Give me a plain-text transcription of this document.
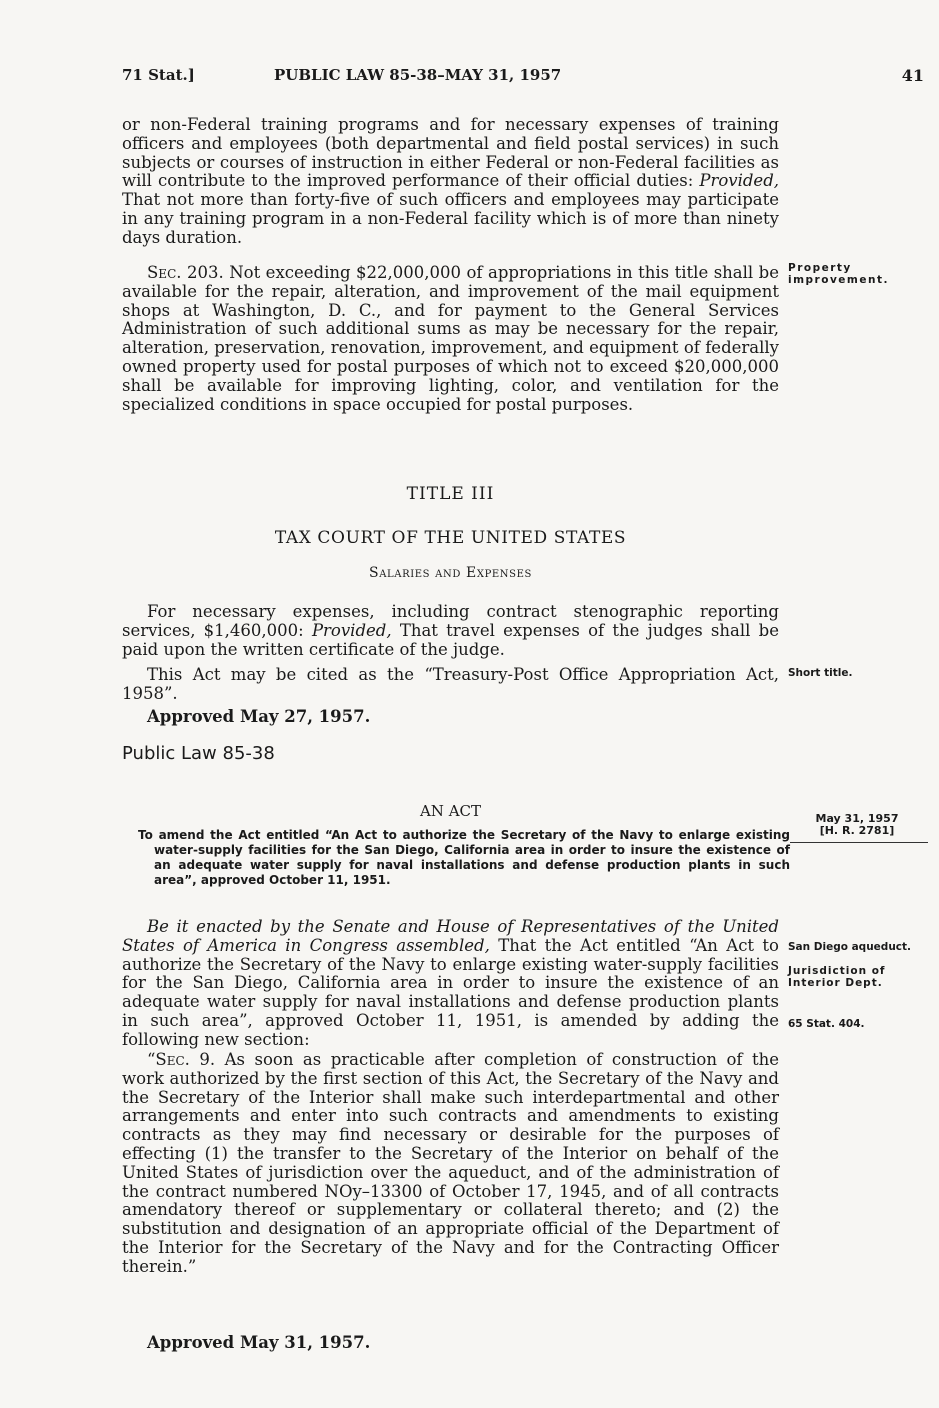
71 Stat.]	PUBLIC LAW 85-38–MAY 31, 1957	41

or non-Federal training programs and for necessary expenses of training officers and employees (both departmental and field postal services) in such subjects or courses of instruction in either Federal or non-Federal facilities as will contribute to the improved performance of their official duties: Provided, That not more than forty-five of such officers and employees may participate in any training program in a non-Federal facility which is of more than ninety days duration.

Sec. 203. Not exceeding $22,000,000 of appropriations in this title shall be available for the repair, alteration, and improvement of the mail equipment shops at Washington, D. C., and for payment to the General Services Administration of such additional sums as may be necessary for the repair, alteration, preservation, renovation, improvement, and equipment of federally owned property used for postal purposes of which not to exceed $20,000,000 shall be available for improving lighting, color, and ventilation for the specialized conditions in space occupied for postal purposes.

TITLE III
TAX COURT OF THE UNITED STATES
Salaries and Expenses

For necessary expenses, including contract stenographic reporting services, $1,460,000: Provided, That travel expenses of the judges shall be paid upon the written certificate of the judge.

This Act may be cited as the “Treasury-Post Office Appropriation Act, 1958”.

Approved May 27, 1957.
Public Law 85-38
AN ACT

To amend the Act entitled “An Act to authorize the Secretary of the Navy to enlarge existing water-supply facilities for the San Diego, California area in order to insure the existence of an adequate water supply for naval installations and defense production plants in such area”, approved October 11, 1951.

Be it enacted by the Senate and House of Representatives of the United States of America in Congress assembled, That the Act entitled “An Act to authorize the Secretary of the Navy to enlarge existing water-supply facilities for the San Diego, California area in order to insure the existence of an adequate water supply for naval installations and defense production plants in such area”, approved October 11, 1951, is amended by adding the following new section:

“Sec. 9. As soon as practicable after completion of construction of the work authorized by the first section of this Act, the Secretary of the Navy and the Secretary of the Interior shall make such interdepartmental and other arrangements and enter into such contracts and amendments to existing contracts as they may find necessary or desirable for the purposes of effecting (1) the transfer to the Secretary of the Interior on behalf of the United States of jurisdiction over the aqueduct, and of the administration of the contract numbered NOy–13300 of October 17, 1945, and of all contracts amendatory thereof or supplementary or collateral thereto; and (2) the substitution and designation of an appropriate official of the Department of the Interior for the Secretary of the Navy and for the Contracting Officer therein.”

Approved May 31, 1957.
Property improvement.
Short title.
May 31, 1957
[H. R. 2781]
San Diego aqueduct.
Jurisdiction of Interior Dept.
65 Stat. 404.
